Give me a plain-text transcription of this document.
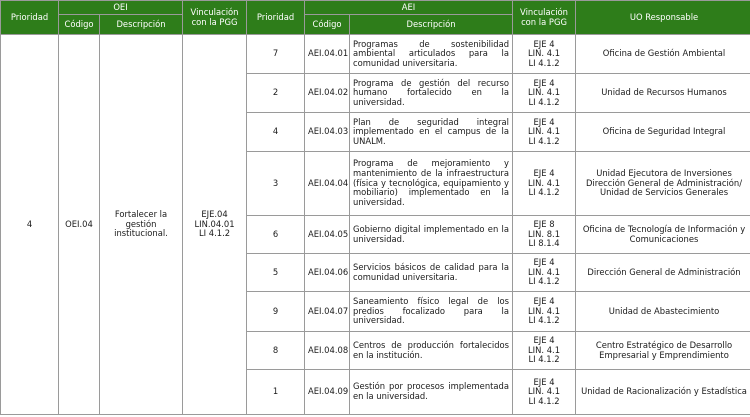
Prioridad	OEI		Vinculación
con la PGG	Prioridad	AEI		Vinculación
con la PGG	UO Responsable
	Código	Descripción			Código	Descripción		
4	OEI.04	Fortalecer la
gestión
institucional.	EJE.04
LIN.04.01
LI 4.1.2	7	AEI.04.01	Programas de sostenibilidad ambiental articulados para la comunidad universitaria.	EJE 4
LIN. 4.1
LI 4.1.2	Oficina de Gestión Ambiental

				2	AEI.04.02	Programa de gestión del recurso humano fortalecido en la universidad.	EJE 4
LIN. 4.1
LI 4.1.2	Unidad de Recursos Humanos

				4	AEI.04.03	Plan de seguridad integral implementado en el campus de la UNALM.	EJE 4
LIN. 4.1
LI 4.1.2	Oficina de Seguridad Integral

				3	AEI.04.04	Programa de mejoramiento y mantenimiento de la infraestructura (física y tecnológica, equipamiento y mobiliario) implementado en la universidad.	EJE 4
LIN. 4.1
LI 4.1.2	Unidad Ejecutora de Inversiones
Dirección General de Administración/
Unidad de Servicios Generales

				6	AEI.04.05	Gobierno digital implementado en la universidad.	EJE 8
LIN. 8.1
LI 8.1.4	Oficina de Tecnología de Información y
Comunicaciones

				5	AEI.04.06	Servicios básicos de calidad para la comunidad universitaria.	EJE 4
LIN. 4.1
LI 4.1.2	Dirección General de Administración

				9	AEI.04.07	Saneamiento físico legal de los predios focalizado para la universidad.	EJE 4
LIN. 4.1
LI 4.1.2	Unidad de Abastecimiento

				8	AEI.04.08	Centros de producción fortalecidos en la institución.	EJE 4
LIN. 4.1
LI 4.1.2	Centro Estratégico de Desarrollo
Empresarial y Emprendimiento

				1	AEI.04.09	Gestión por procesos implementada en la universidad.	EJE 4
LIN. 4.1
LI 4.1.2	Unidad de Racionalización y Estadística
